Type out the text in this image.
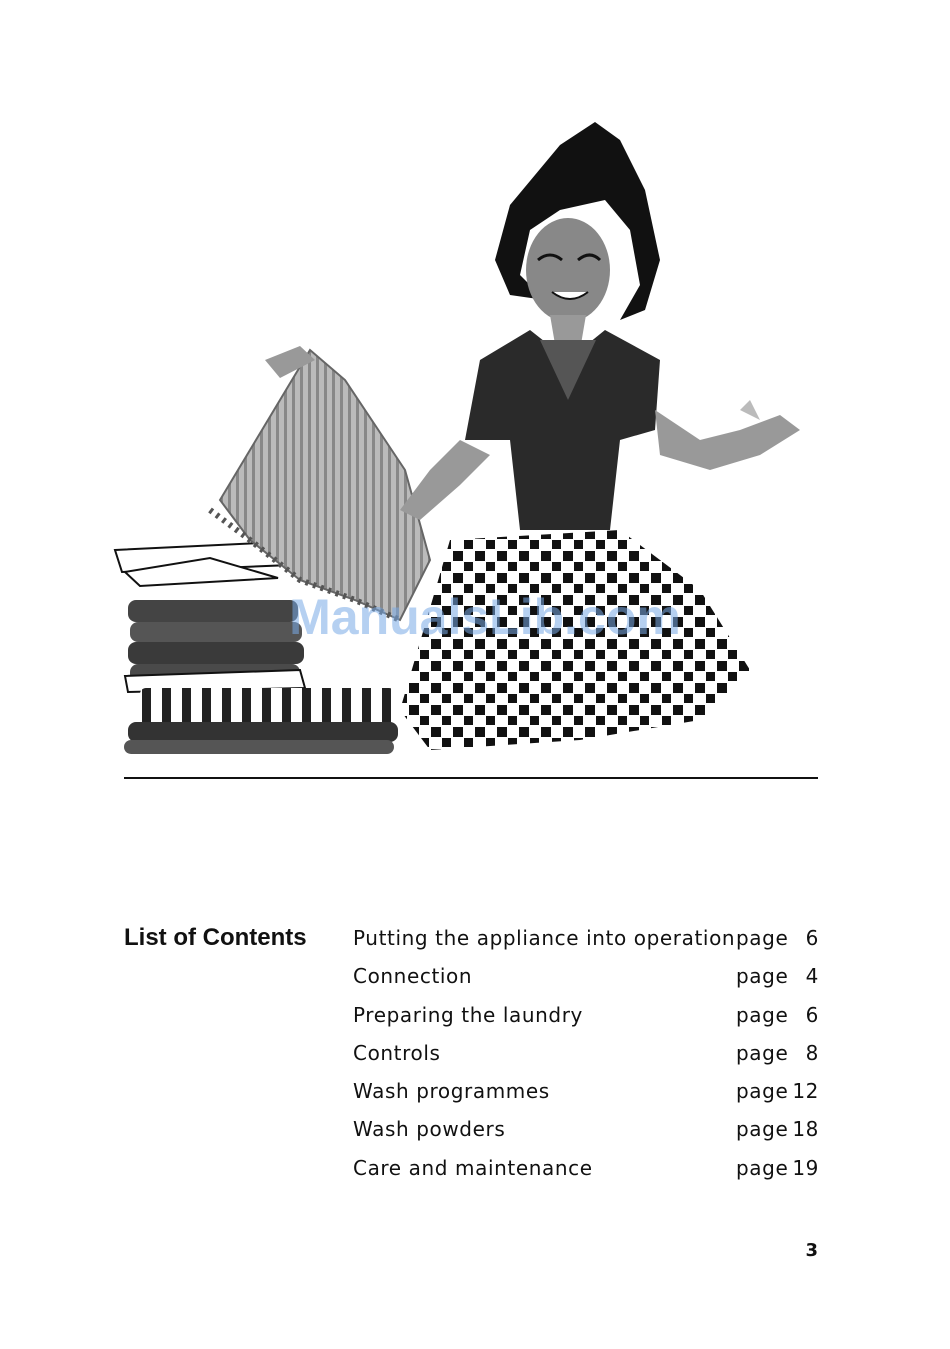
ManualsLib.com
List of Contents Putting the appliance into operation page 6
Connection	page 4
Preparing the laundry	page 6
Controls	page 8
Wash programmes	page 12
Wash powders	page 18
Care and maintenance	page 19
3
